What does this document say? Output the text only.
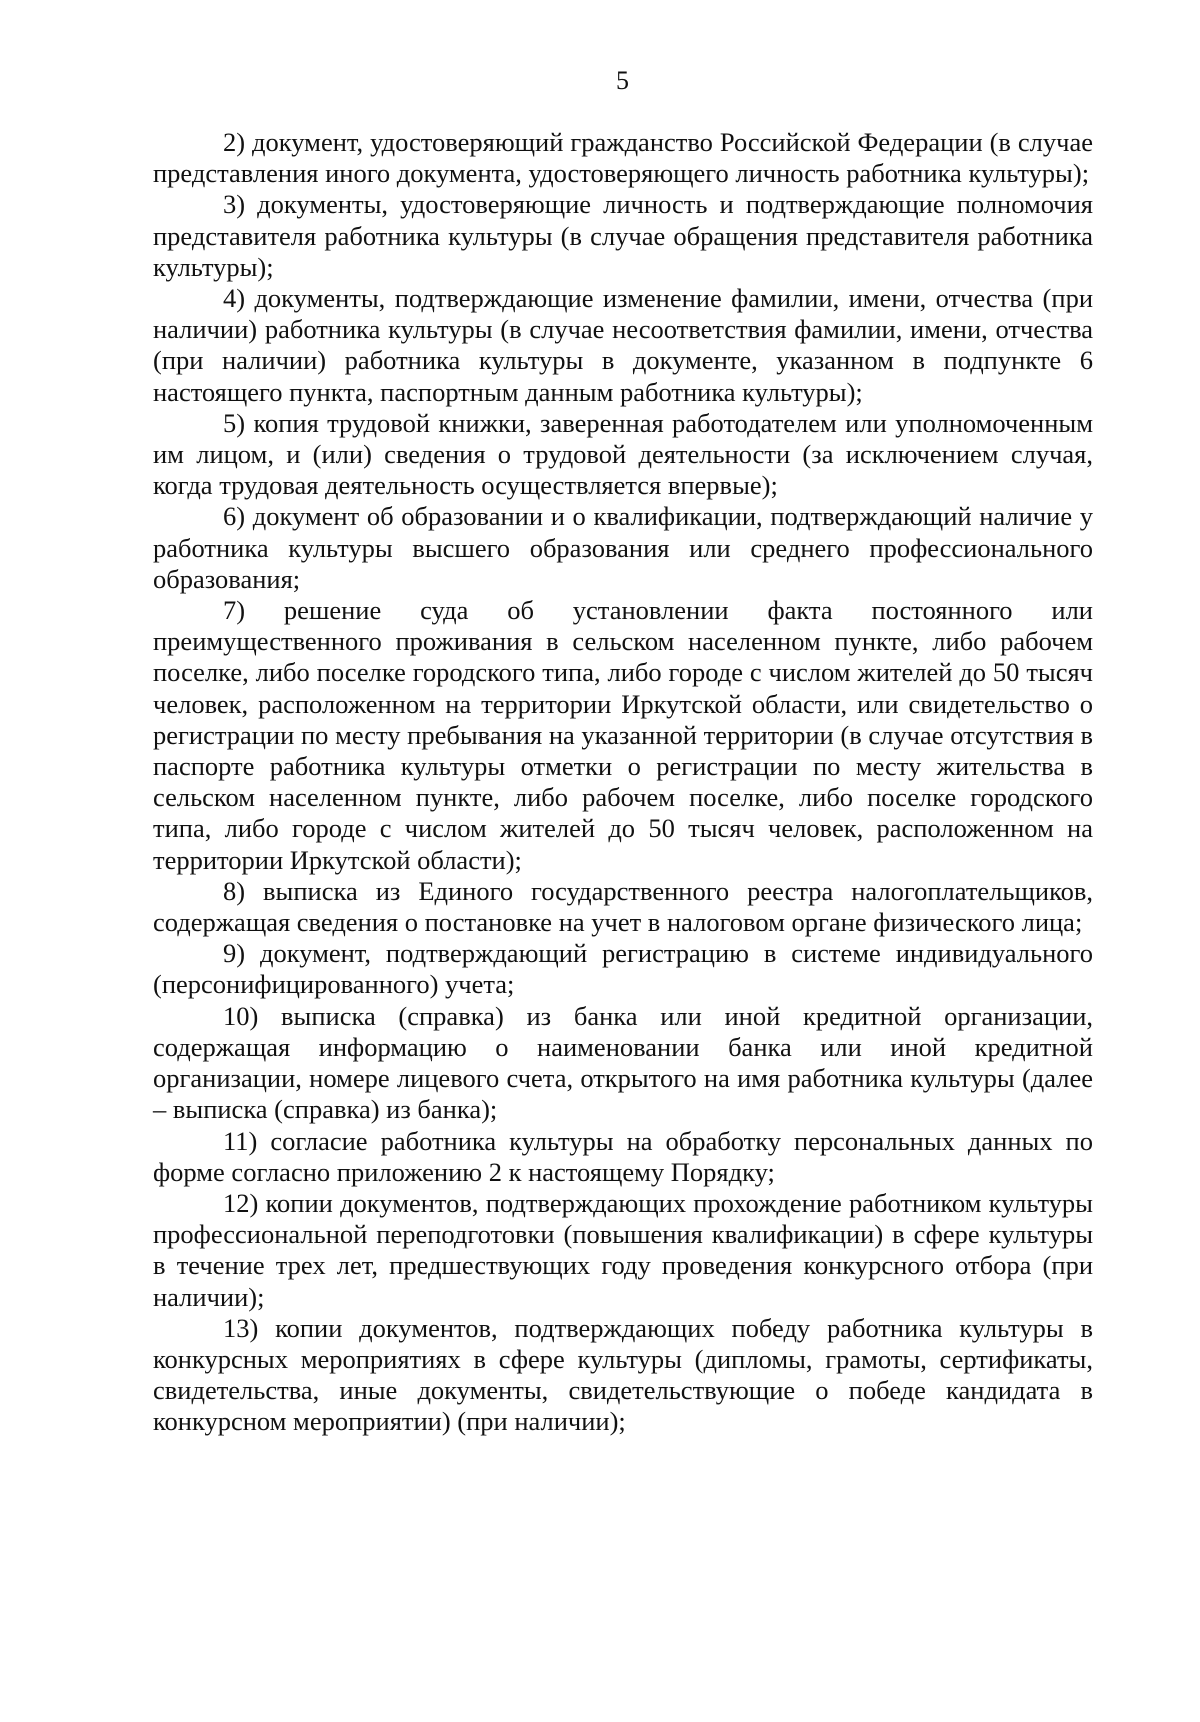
5

2) документ, удостоверяющий гражданство Российской Федерации (в случае представления иного документа, удостоверяющего личность работника культуры);

3) документы, удостоверяющие личность и подтверждающие полномочия представителя работника культуры (в случае обращения представителя работника культуры);

4) документы, подтверждающие изменение фамилии, имени, отчества (при наличии) работника культуры (в случае несоответствия фамилии, имени, отчества (при наличии) работника культуры в документе, указанном в подпункте 6 настоящего пункта, паспортным данным работника культуры);

5) копия трудовой книжки, заверенная работодателем или уполномоченным им лицом, и (или) сведения о трудовой деятельности (за исключением случая, когда трудовая деятельность осуществляется впервые);

6) документ об образовании и о квалификации, подтверждающий наличие у работника культуры высшего образования или среднего профессионального образования;

7) решение суда об установлении факта постоянного или преимущественного проживания в сельском населенном пункте, либо рабочем поселке, либо поселке городского типа, либо городе с числом жителей до 50 тысяч человек, расположенном на территории Иркутской области, или свидетельство о регистрации по месту пребывания на указанной территории (в случае отсутствия в паспорте работника культуры отметки о регистрации по месту жительства в сельском населенном пункте, либо рабочем поселке, либо поселке городского типа, либо городе с числом жителей до 50 тысяч человек, расположенном на территории Иркутской области);

8) выписка из Единого государственного реестра налогоплательщиков, содержащая сведения о постановке на учет в налоговом органе физического лица;

9) документ, подтверждающий регистрацию в системе индивидуального (персонифицированного) учета;

10) выписка (справка) из банка или иной кредитной организации, содержащая информацию о наименовании банка или иной кредитной организации, номере лицевого счета, открытого на имя работника культуры (далее – выписка (справка) из банка);

11) согласие работника культуры на обработку персональных данных по форме согласно приложению 2 к настоящему Порядку;

12) копии документов, подтверждающих прохождение работником культуры профессиональной переподготовки (повышения квалификации) в сфере культуры в течение трех лет, предшествующих году проведения конкурсного отбора (при наличии);

13) копии документов, подтверждающих победу работника культуры в конкурсных мероприятиях в сфере культуры (дипломы, грамоты, сертификаты, свидетельства, иные документы, свидетельствующие о победе кандидата в конкурсном мероприятии) (при наличии);
